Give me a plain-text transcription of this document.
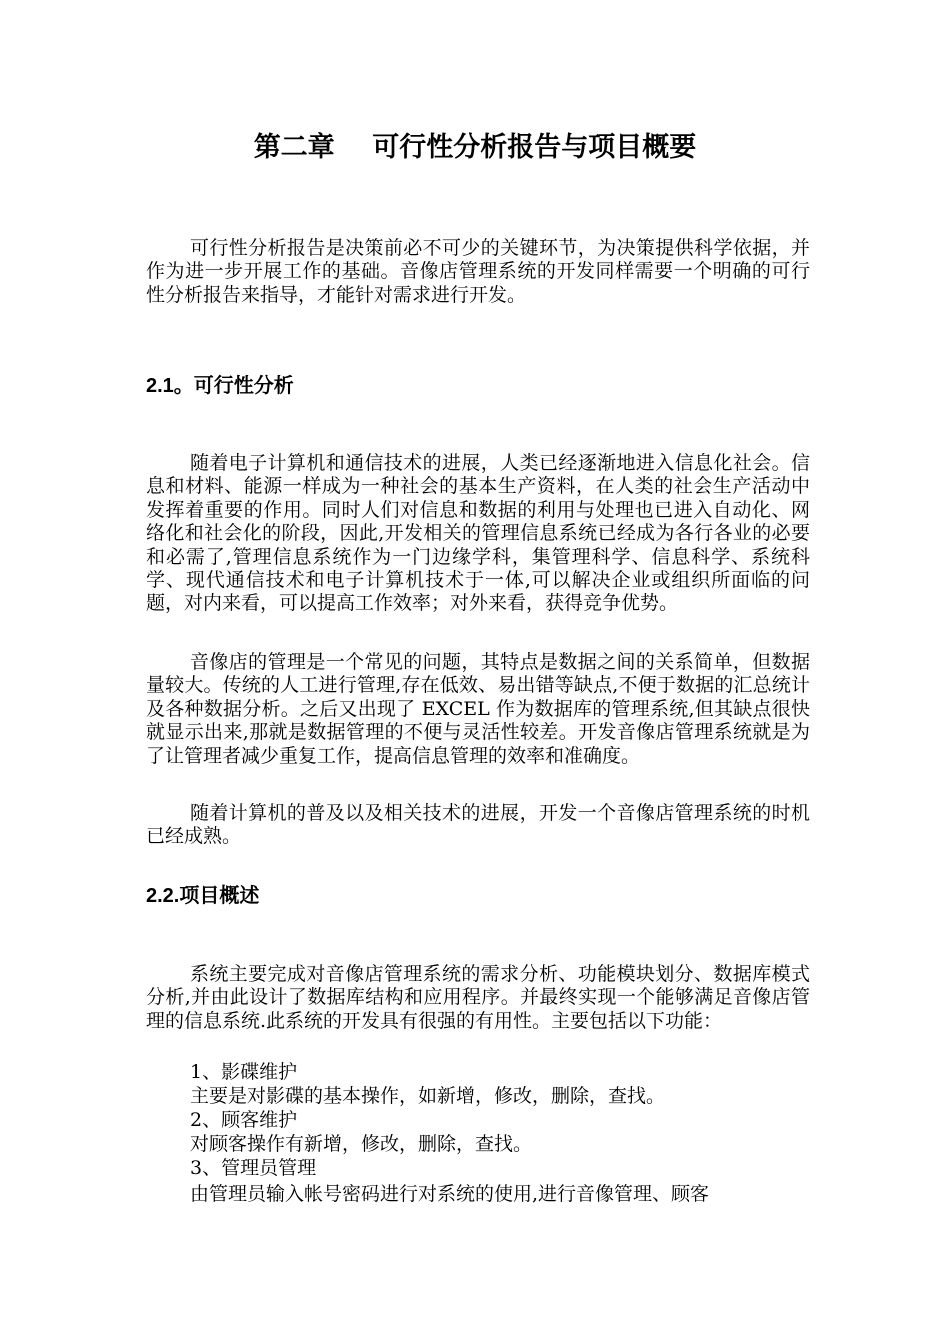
第二章    可行性分析报告与项目概要

可行性分析报告是决策前必不可少的关键环节，为决策提供科学依据，并作为进一步开展工作的基础。音像店管理系统的开发同样需要一个明确的可行性分析报告来指导，才能针对需求进行开发。

2.1。可行性分析

随着电子计算机和通信技术的进展，人类已经逐渐地进入信息化社会。信息和材料、能源一样成为一种社会的基本生产资料，在人类的社会生产活动中发挥着重要的作用。同时人们对信息和数据的利用与处理也已进入自动化、网络化和社会化的阶段，因此,开发相关的管理信息系统已经成为各行各业的必要和必需了,管理信息系统作为一门边缘学科，集管理科学、信息科学、系统科学、现代通信技术和电子计算机技术于一体,可以解决企业或组织所面临的问题，对内来看，可以提高工作效率；对外来看，获得竞争优势。

音像店的管理是一个常见的问题，其特点是数据之间的关系简单，但数据量较大。传统的人工进行管理,存在低效、易出错等缺点,不便于数据的汇总统计及各种数据分析。之后又出现了 EXCEL 作为数据库的管理系统,但其缺点很快就显示出来,那就是数据管理的不便与灵活性较差。开发音像店管理系统就是为了让管理者减少重复工作，提高信息管理的效率和准确度。

随着计算机的普及以及相关技术的进展，开发一个音像店管理系统的时机已经成熟。

2.2.项目概述

系统主要完成对音像店管理系统的需求分析、功能模块划分、数据库模式分析,并由此设计了数据库结构和应用程序。并最终实现一个能够满足音像店管理的信息系统.此系统的开发具有很强的有用性。主要包括以下功能：

1、影碟维护
主要是对影碟的基本操作，如新增，修改，删除，查找。
2、顾客维护
对顾客操作有新增，修改，删除，查找。
3、管理员管理
由管理员输入帐号密码进行对系统的使用,进行音像管理、顾客
